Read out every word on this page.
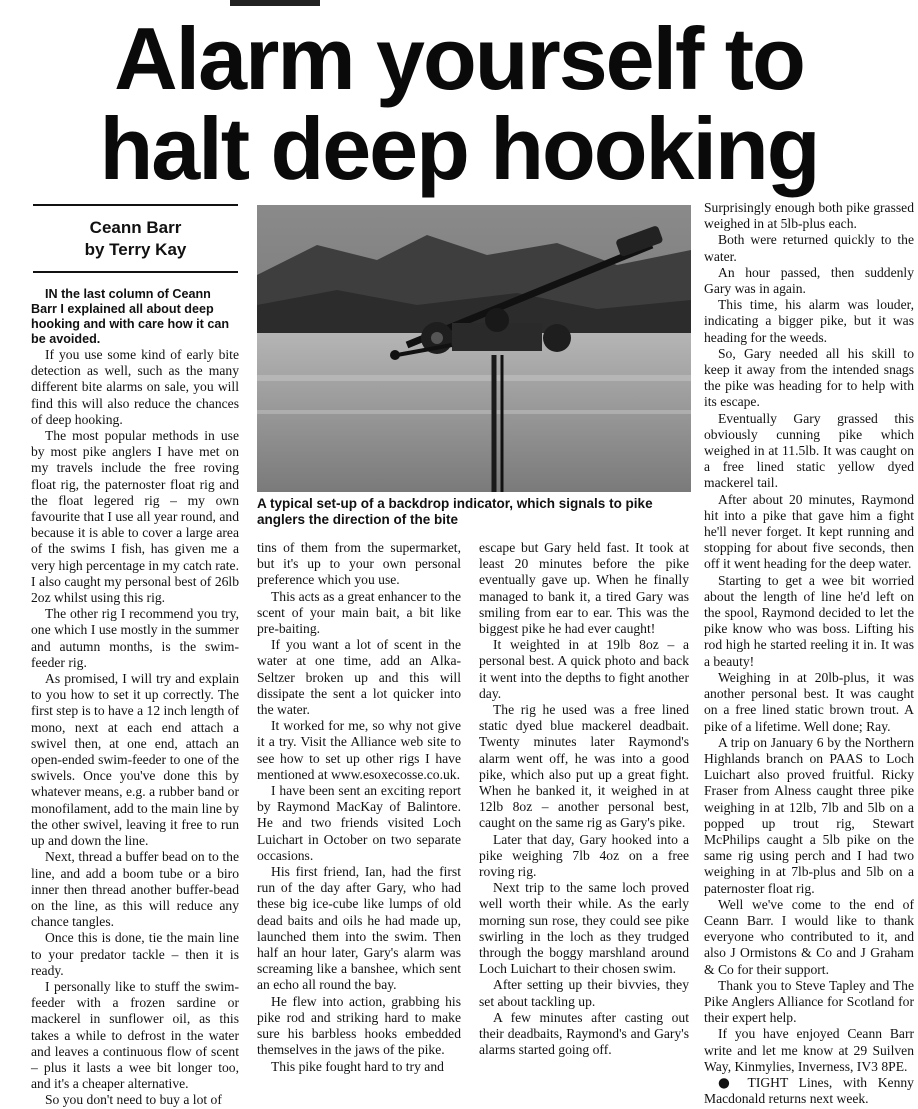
Alarm yourself to
halt deep hooking
Ceann Barr
by Terry Kay
A typical set-up of a backdrop indicator, which signals to pike anglers the direction of the bite

IN the last column of Ceann Barr I explained all about deep hooking and with care how it can be avoided.

If you use some kind of early bite detection as well, such as the many different bite alarms on sale, you will find this will also reduce the chances of deep hooking.

The most popular methods in use by most pike anglers I have met on my travels include the free roving float rig, the paternoster float rig and the float legered rig – my own favourite that I use all year round, and because it is able to cover a large area of the swims I fish, has given me a very high percentage in my catch rate. I also caught my personal best of 26lb 2oz whilst using this rig.

The other rig I recommend you try, one which I use mostly in the summer and autumn months, is the swim-feeder rig.

As promised, I will try and explain to you how to set it up correctly. The first step is to have a 12 inch length of mono, next at each end attach a swivel then, at one end, attach an open-ended swim-feeder to one of the swivels. Once you've done this by whatever means, e.g. a rubber band or monofilament, add to the main line by the other swivel, leaving it free to run up and down the line.

Next, thread a buffer bead on to the line, and add a boom tube or a biro inner then thread another buffer-bead on the line, as this will reduce any chance tangles.

Once this is done, tie the main line to your predator tackle – then it is ready.

I personally like to stuff the swim-feeder with a frozen sardine or mackerel in sunflower oil, as this takes a while to defrost in the water and leaves a continuous flow of scent – plus it lasts a wee bit longer too, and it's a cheaper alternative.

So you don't need to buy a lot of

tins of them from the supermarket, but it's up to your own personal preference which you use.

This acts as a great enhancer to the scent of your main bait, a bit like pre-baiting.

If you want a lot of scent in the water at one time, add an Alka-Seltzer broken up and this will dissipate the sent a lot quicker into the water.

It worked for me, so why not give it a try. Visit the Alliance web site to see how to set up other rigs I have mentioned at www.esoxecosse.co.uk.

I have been sent an exciting report by Raymond MacKay of Balintore. He and two friends visited Loch Luichart in October on two separate occasions.

His first friend, Ian, had the first run of the day after Gary, who had these big ice-cube like lumps of old dead baits and oils he had made up, launched them into the swim. Then half an hour later, Gary's alarm was screaming like a banshee, which sent an echo all round the bay.

He flew into action, grabbing his pike rod and striking hard to make sure his barbless hooks embedded themselves in the jaws of the pike.

This pike fought hard to try and

escape but Gary held fast. It took at least 20 minutes before the pike eventually gave up. When he finally managed to bank it, a tired Gary was smiling from ear to ear. This was the biggest pike he had ever caught!

It weighted in at 19lb 8oz – a personal best. A quick photo and back it went into the depths to fight another day.

The rig he used was a free lined static dyed blue mackerel deadbait. Twenty minutes later Raymond's alarm went off, he was into a good pike, which also put up a great fight. When he banked it, it weighed in at 12lb 8oz – another personal best, caught on the same rig as Gary's pike.

Later that day, Gary hooked into a pike weighing 7lb 4oz on a free roving rig.

Next trip to the same loch proved well worth their while. As the early morning sun rose, they could see pike swirling in the loch as they trudged through the boggy marshland around Loch Luichart to their chosen swim.

After setting up their bivvies, they set about tackling up.

A few minutes after casting out their deadbaits, Raymond's and Gary's alarms started going off.

Surprisingly enough both pike grassed weighed in at 5lb-plus each.

Both were returned quickly to the water.

An hour passed, then suddenly Gary was in again.

This time, his alarm was louder, indicating a bigger pike, but it was heading for the weeds.

So, Gary needed all his skill to keep it away from the intended snags the pike was heading for to help with its escape.

Eventually Gary grassed this obviously cunning pike which weighed in at 11.5lb. It was caught on a free lined static yellow dyed mackerel tail.

After about 20 minutes, Raymond hit into a pike that gave him a fight he'll never forget. It kept running and stopping for about five seconds, then off it went heading for the deep water.

Starting to get a wee bit worried about the length of line he'd left on the spool, Raymond decided to let the pike know who was boss. Lifting his rod high he started reeling it in. It was a beauty!

Weighing in at 20lb-plus, it was another personal best. It was caught on a free lined static brown trout. A pike of a lifetime. Well done; Ray.

A trip on January 6 by the Northern Highlands branch on PAAS to Loch Luichart also proved fruitful. Ricky Fraser from Alness caught three pike weighing in at 12lb, 7lb and 5lb on a popped up trout rig, Stewart McPhilips caught a 5lb pike on the same rig using perch and I had two weighing in at 7lb-plus and 5lb on a paternoster float rig.

Well we've come to the end of Ceann Barr. I would like to thank everyone who contributed to it, and also J Ormistons & Co and J Graham & Co for their support.

Thank you to Steve Tapley and The Pike Anglers Alliance for Scotland for their expert help.

If you have enjoyed Ceann Barr write and let me know at 29 Suilven Way, Kinmylies, Inverness, IV3 8PE.

● TIGHT Lines, with Kenny Macdonald returns next week.
